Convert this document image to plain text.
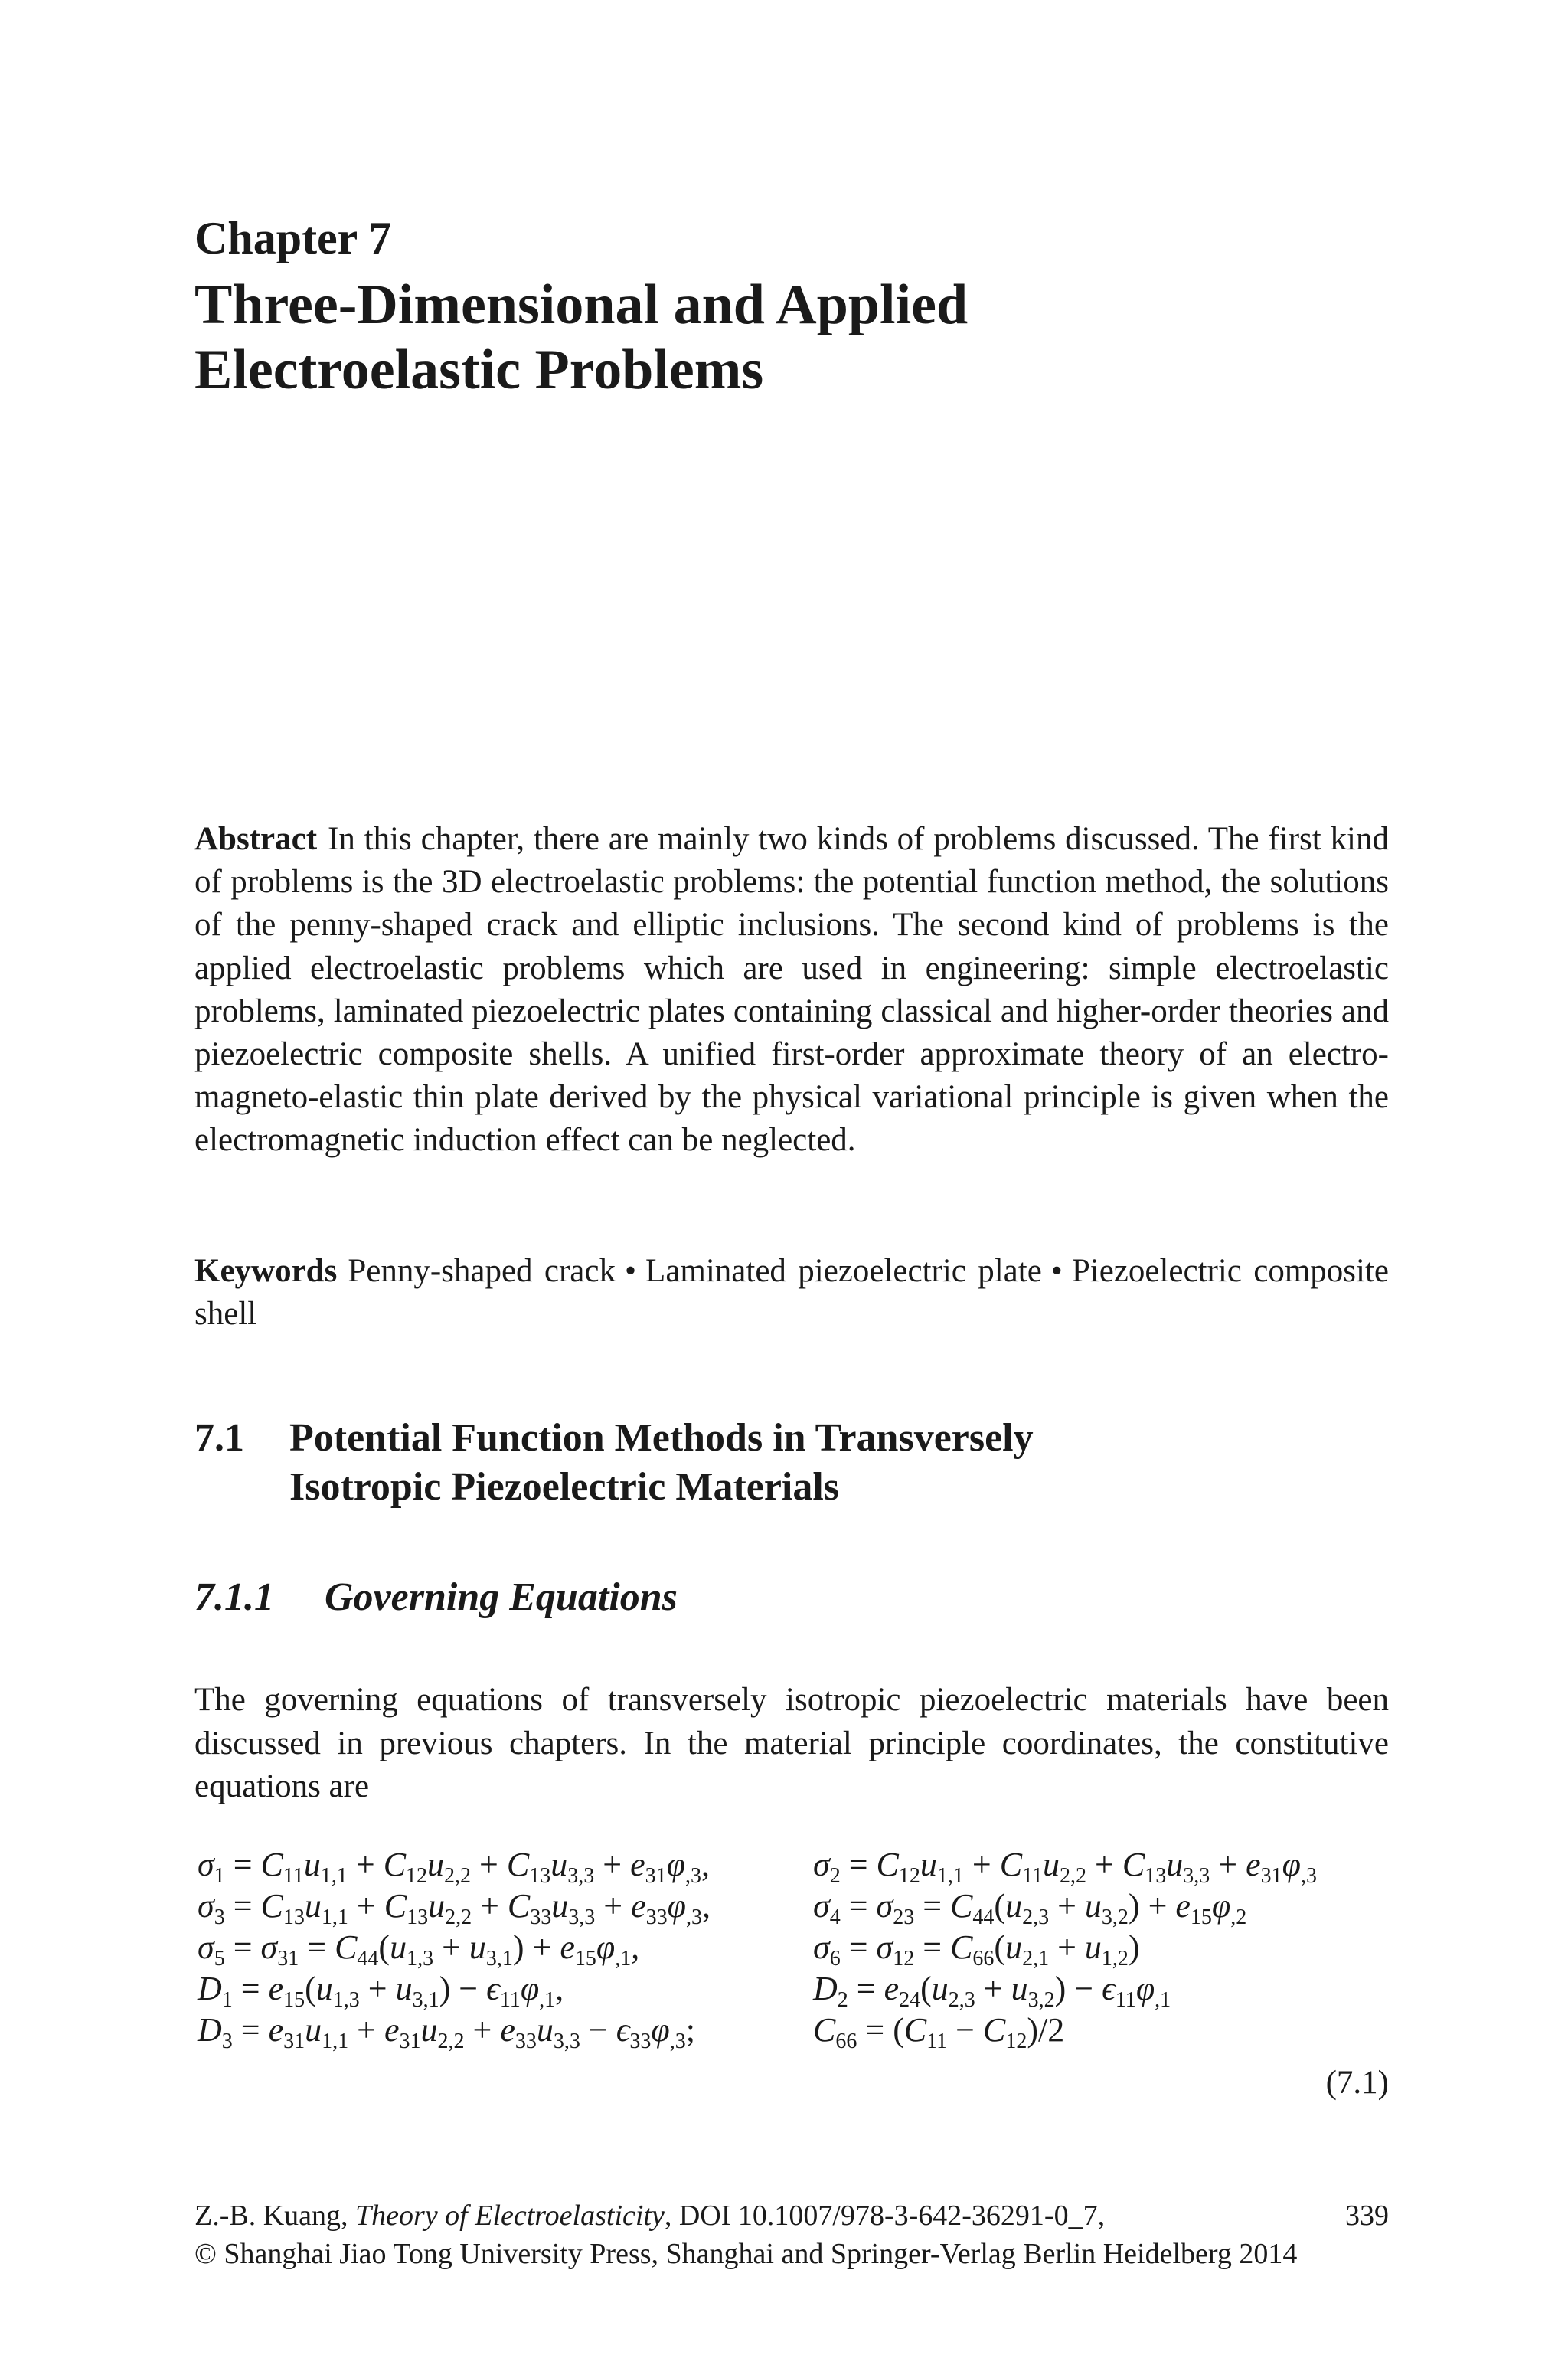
Chapter 7
Three-Dimensional and Applied
Electroelastic Problems
Abstract In this chapter, there are mainly two kinds of problems discussed. The first kind of problems is the 3D electroelastic problems: the potential function method, the solutions of the penny-shaped crack and elliptic inclusions. The second kind of problems is the applied electroelastic problems which are used in engineering: simple electroelastic problems, laminated piezoelectric plates containing classical and higher-order theories and piezoelectric composite shells. A unified first-order approximate theory of an electro-magneto-elastic thin plate derived by the physical variational principle is given when the electromagnetic induction effect can be neglected.
Keywords Penny-shaped crack • Laminated piezoelectric plate • Piezoelectric composite shell
7.1 Potential Function Methods in Transversely
Isotropic Piezoelectric Materials
7.1.1 Governing Equations
The governing equations of transversely isotropic piezoelectric materials have been discussed in previous chapters. In the material principle coordinates, the constitutive equations are
$\sigma_1 = C_{11}u_{1,1} + C_{12}u_{2,2} + C_{13}u_{3,3} + e_{31}\varphi_{,3}$,	$\sigma_2 = C_{12}u_{1,1} + C_{11}u_{2,2} + C_{13}u_{3,3} + e_{31}\varphi_{,3}$
$\sigma_3 = C_{13}u_{1,1} + C_{13}u_{2,2} + C_{33}u_{3,3} + e_{33}\varphi_{,3}$,	$\sigma_4 = \sigma_{23} = C_{44}(u_{2,3} + u_{3,2}) + e_{15}\varphi_{,2}$
$\sigma_5 = \sigma_{31} = C_{44}(u_{1,3} + u_{3,1}) + e_{15}\varphi_{,1}$,	$\sigma_6 = \sigma_{12} = C_{66}(u_{2,1} + u_{1,2})$
$D_1 = e_{15}(u_{1,3} + u_{3,1}) - \epsilon_{11}\varphi_{,1}$,	$D_2 = e_{24}(u_{2,3} + u_{3,2}) - \epsilon_{11}\varphi_{,1}$
$D_3 = e_{31}u_{1,1} + e_{31}u_{2,2} + e_{33}u_{3,3} - \epsilon_{33}\varphi_{,3}$;	$C_{66} = (C_{11} - C_{12})/2$
(7.1)
Z.-B. Kuang, Theory of Electroelasticity, DOI 10.1007/978-3-642-36291-0_7,	339
© Shanghai Jiao Tong University Press, Shanghai and Springer-Verlag Berlin Heidelberg 2014
